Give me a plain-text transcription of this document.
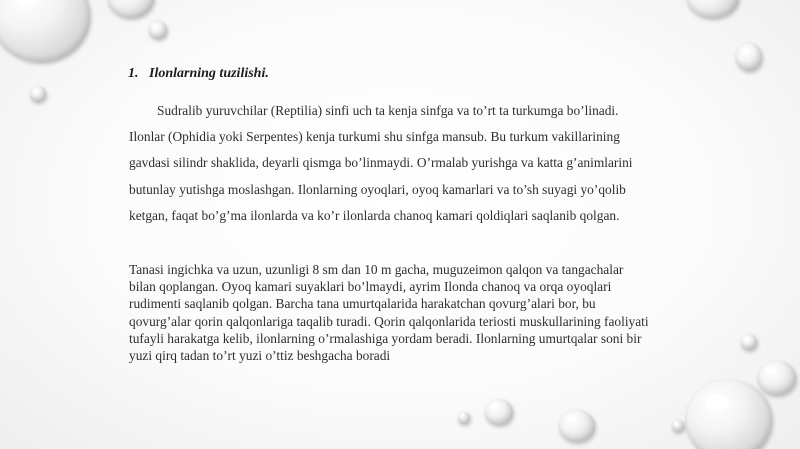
1. Ilonlarning tuzilishi.

Sudralib yuruvchilar (Reptilia) sinfi uch ta kenja sinfga va to’rt ta turkumga bo’linadi. Ilonlar (Ophidia yoki Serpentes) kenja turkumi shu sinfga mansub. Bu turkum vakillarining gavdasi silindr shaklida, deyarli qismga bo’linmaydi. O’rmalab yurishga va katta g’animlarini butunlay yutishga moslashgan. Ilonlarning oyoqlari, oyoq kamarlari va to’sh suyagi yo’qolib ketgan, faqat bo’g’ma ilonlarda va ko’r ilonlarda chanoq kamari qoldiqlari saqlanib qolgan.

Tanasi ingichka va uzun, uzunligi 8 sm dan 10 m gacha, muguzeimon qalqon va tangachalar bilan qoplangan. Oyoq kamari suyaklari bo’lmaydi, ayrim Ilonda chanoq va orqa oyoqlari rudimenti saqlanib qolgan. Barcha tana umurtqalarida harakatchan qovurg’alari bor, bu qovurg’alar qorin qalqonlariga taqalib turadi. Qorin qalqonlarida teriosti muskullarining faoliyati tufayli harakatga kelib, ilonlarning o’rmalashiga yordam beradi. Ilonlarning umurtqalar soni bir yuzi qirq tadan to’rt yuzi o’ttiz beshgacha boradi
